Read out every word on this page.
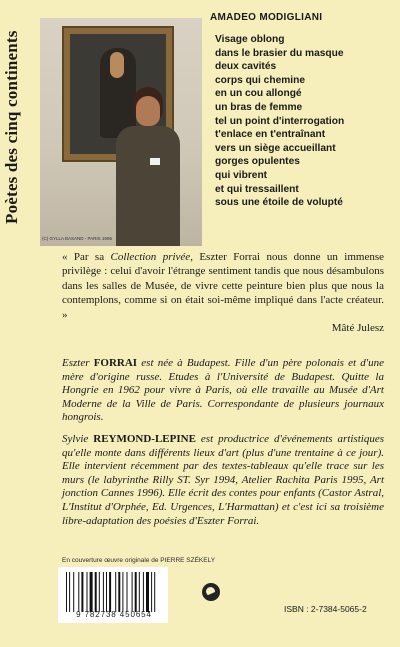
Poètes des cinq continents
(C) GYLLA BASAND - PARIS 1996
AMADEO MODIGLIANI
Visage oblong
dans le brasier du masque
deux cavités
corps qui chemine
en un cou allongé
un bras de femme
tel un point d'interrogation
t'enlace en t'entraînant
vers un siège accueillant
gorges opulentes
qui vibrent
et qui tressaillent
sous une étoile de volupté
« Par sa Collection privée, Eszter Forrai nous donne un immense privilège : celui d'avoir l'étrange sentiment tandis que nous désambulons dans les salles de Musée, de vivre cette peinture bien plus que nous la contemplons, comme si on était soi-même impliqué dans l'acte créateur. »
Mâté Julesz
Eszter FORRAI est née à Budapest. Fille d'un père polonais et d'une mère d'origine russe. Etudes à l'Université de Budapest. Quitte la Hongrie en 1962 pour vivre à Paris, où elle travaille au Musée d'Art Moderne de la Ville de Paris. Correspondante de plusieurs journaux hongrois.
Sylvie REYMOND-LEPINE est productrice d'événements artistiques qu'elle monte dans différents lieux d'art (plus d'une trentaine à ce jour). Elle intervient récemment par des textes-tableaux qu'elle trace sur les murs (le labyrinthe Rilly ST. Syr 1994, Atelier Rachita Paris 1995, Art jonction Cannes 1996). Elle écrit des contes pour enfants (Castor Astral, L'Institut d'Orphée, Ed. Urgences, L'Harmattan) et c'est ici sa troisième libre-adaptation des poésies d'Eszter Forrai.
En couverture œuvre originale de PIERRE SZÉKELY
9 782738 450654
ISBN : 2-7384-5065-2
